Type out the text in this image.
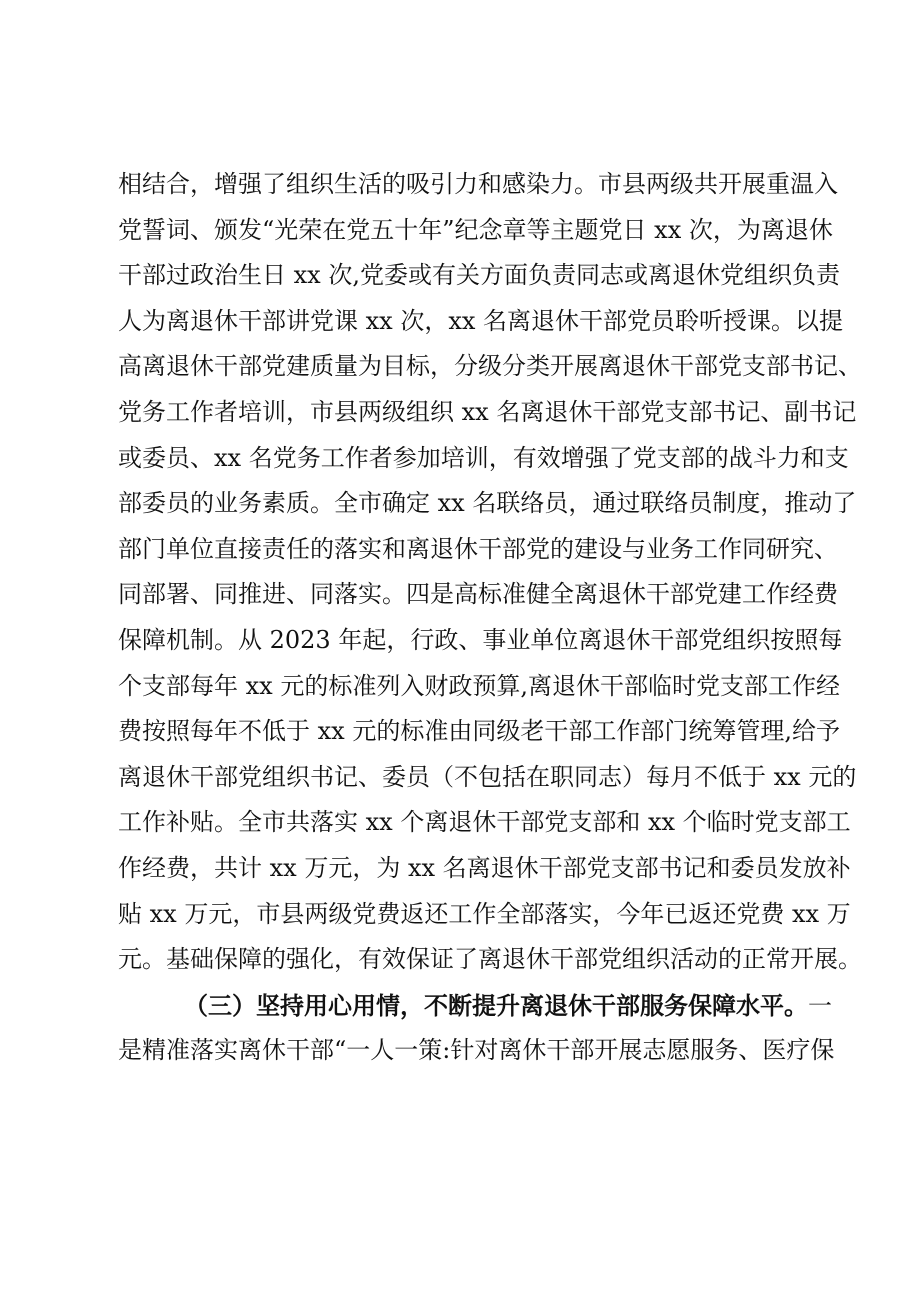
相结合，增强了组织生活的吸引力和感染力。市县两级共开展重温入
党誓词、颁发“光荣在党五十年”纪念章等主题党日 xx 次，为离退休
干部过政治生日 xx 次,党委或有关方面负责同志或离退休党组织负责
人为离退休干部讲党课 xx 次，xx 名离退休干部党员聆听授课。以提
高离退休干部党建质量为目标，分级分类开展离退休干部党支部书记、
党务工作者培训，市县两级组织 xx 名离退休干部党支部书记、副书记
或委员、xx 名党务工作者参加培训，有效增强了党支部的战斗力和支
部委员的业务素质。全市确定 xx 名联络员，通过联络员制度，推动了
部门单位直接责任的落实和离退休干部党的建设与业务工作同研究、
同部署、同推进、同落实。四是高标准健全离退休干部党建工作经费
保障机制。从 2023 年起，行政、事业单位离退休干部党组织按照每
个支部每年 xx 元的标准列入财政预算,离退休干部临时党支部工作经
费按照每年不低于 xx 元的标准由同级老干部工作部门统筹管理,给予
离退休干部党组织书记、委员（不包括在职同志）每月不低于 xx 元的
工作补贴。全市共落实 xx 个离退休干部党支部和 xx 个临时党支部工
作经费，共计 xx 万元，为 xx 名离退休干部党支部书记和委员发放补
贴 xx 万元，市县两级党费返还工作全部落实，今年已返还党费 xx 万
元。基础保障的强化，有效保证了离退休干部党组织活动的正常开展。
（三）坚持用心用情，不断提升离退休干部服务保障水平。一
是精准落实离休干部“一人一策:针对离休干部开展志愿服务、医疗保
